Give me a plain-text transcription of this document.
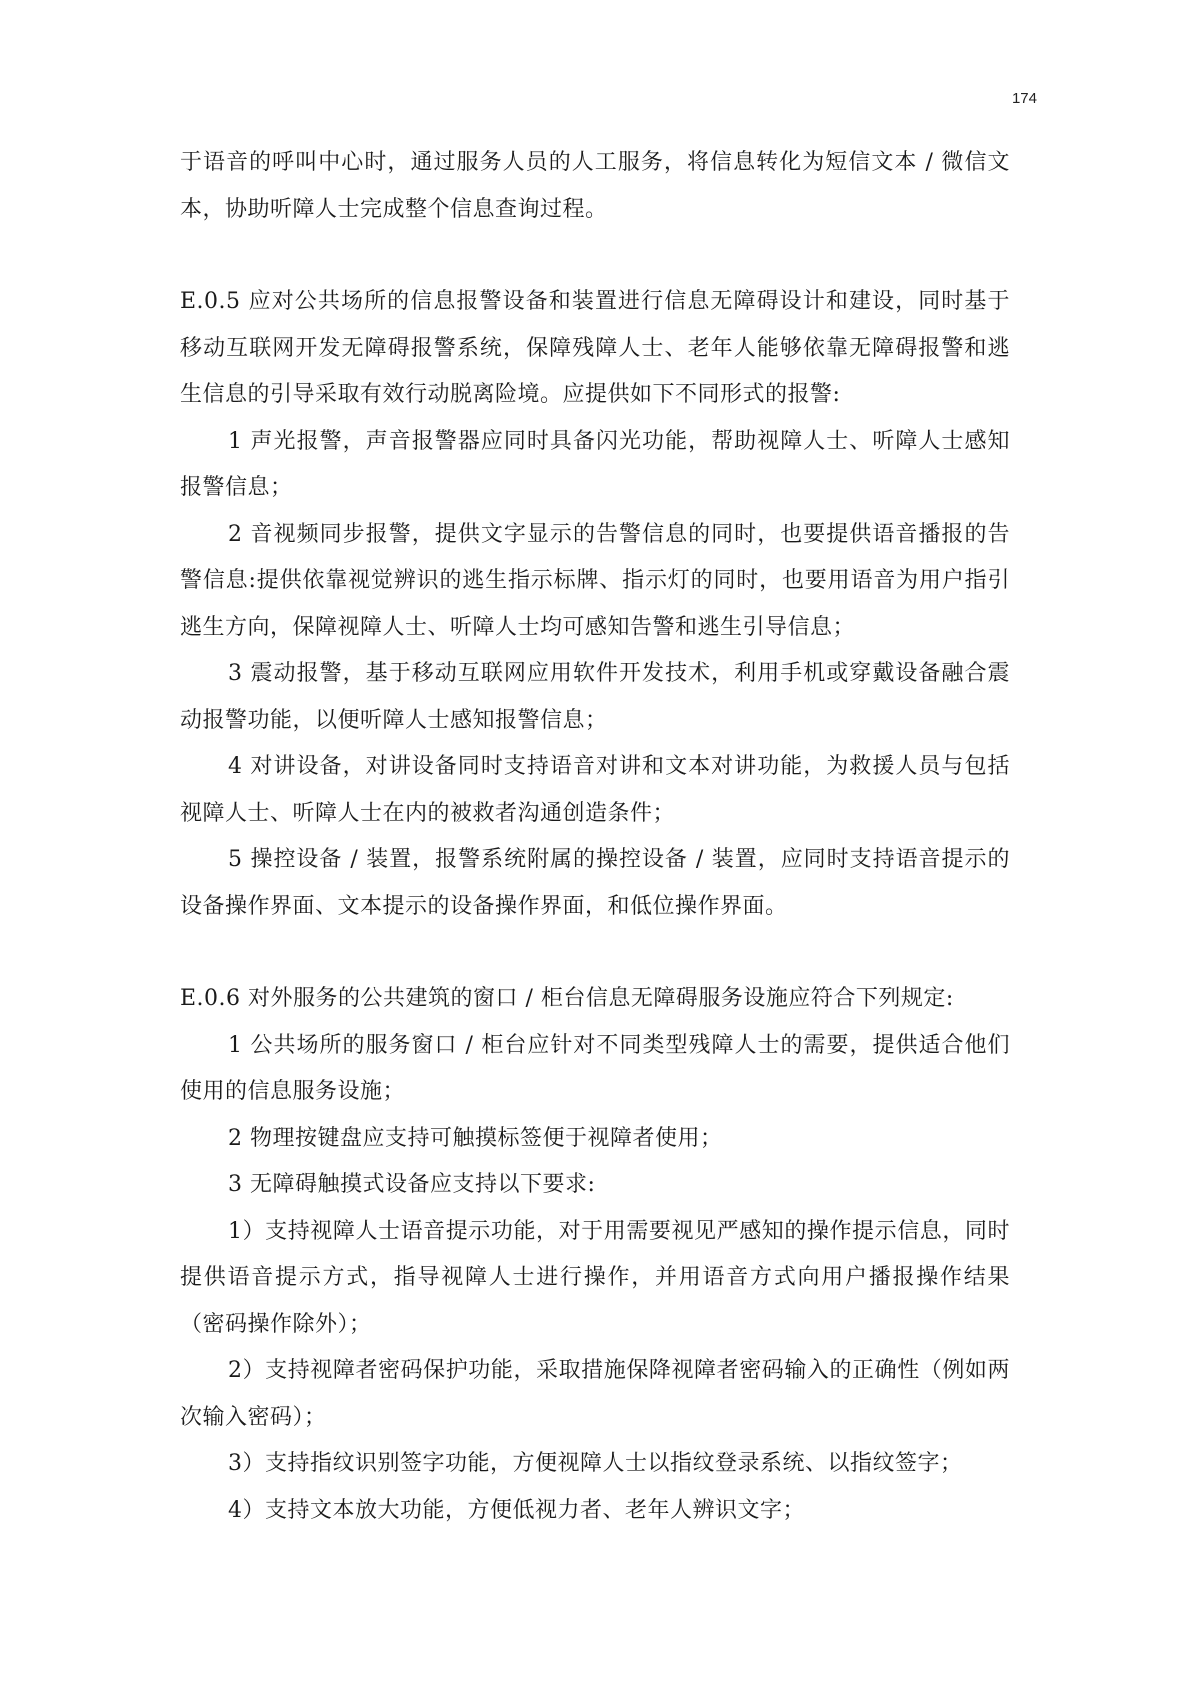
174

于语音的呼叫中心时，通过服务人员的人工服务，将信息转化为短信文本 / 微信文本，协助听障人士完成整个信息查询过程。

E.0.5 应对公共场所的信息报警设备和装置进行信息无障碍设计和建设，同时基于移动互联网开发无障碍报警系统，保障残障人士、老年人能够依靠无障碍报警和逃生信息的引导采取有效行动脱离险境。应提供如下不同形式的报警:

1 声光报警，声音报警器应同时具备闪光功能，帮助视障人士、听障人士感知报警信息；

2 音视频同步报警，提供文字显示的告警信息的同时，也要提供语音播报的告警信息:提供依靠视觉辨识的逃生指示标牌、指示灯的同时，也要用语音为用户指引逃生方向，保障视障人士、听障人士均可感知告警和逃生引导信息；

3 震动报警，基于移动互联网应用软件开发技术，利用手机或穿戴设备融合震动报警功能，以便听障人士感知报警信息；

4 对讲设备，对讲设备同时支持语音对讲和文本对讲功能，为救援人员与包括视障人士、听障人士在内的被救者沟通创造条件；

5 操控设备 / 装置，报警系统附属的操控设备 / 装置，应同时支持语音提示的设备操作界面、文本提示的设备操作界面，和低位操作界面。

E.0.6 对外服务的公共建筑的窗口 / 柜台信息无障碍服务设施应符合下列规定:

1 公共场所的服务窗口 / 柜台应针对不同类型残障人士的需要，提供适合他们使用的信息服务设施；

2 物理按键盘应支持可触摸标签便于视障者使用；

3 无障碍触摸式设备应支持以下要求:

1）支持视障人士语音提示功能，对于用需要视见严感知的操作提示信息，同时提供语音提示方式，指导视障人士进行操作，并用语音方式向用户播报操作结果（密码操作除外）；

2）支持视障者密码保护功能，采取措施保降视障者密码输入的正确性（例如两次输入密码）；

3）支持指纹识别签字功能，方便视障人士以指纹登录系统、以指纹签字；

4）支持文本放大功能，方便低视力者、老年人辨识文字；
